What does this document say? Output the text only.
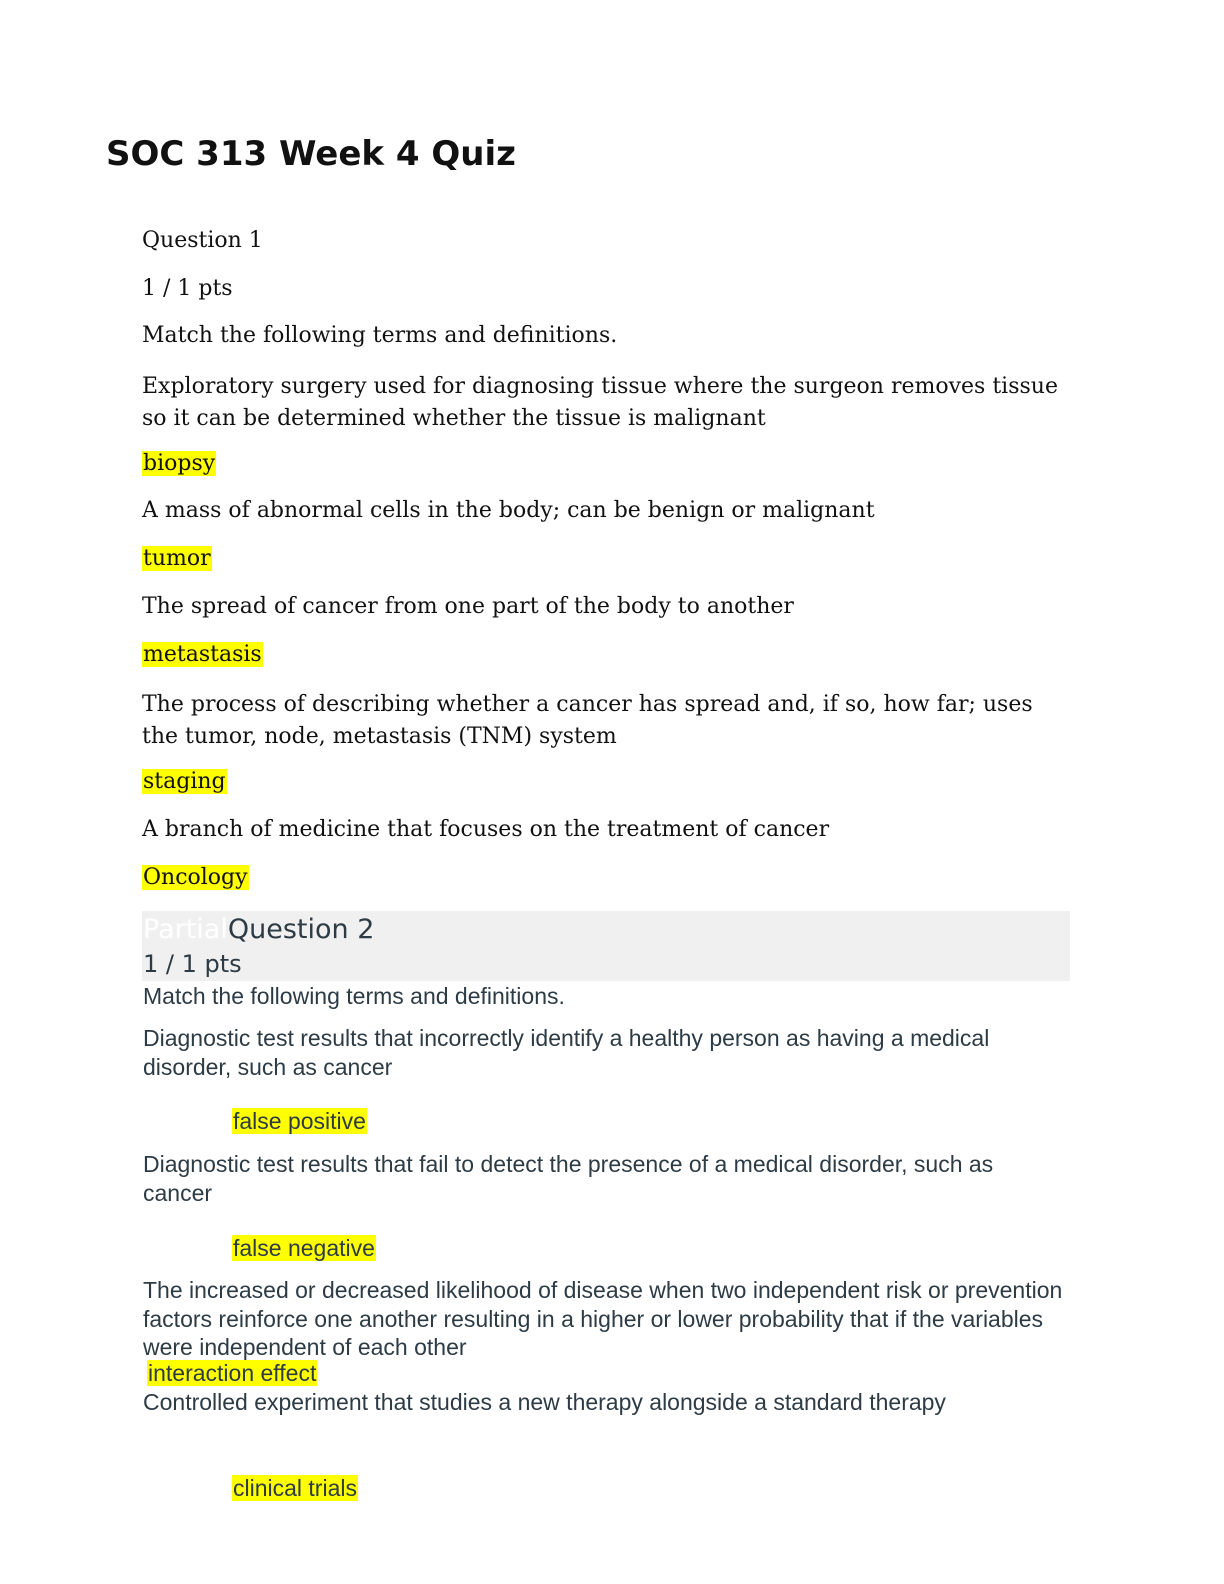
SOC 313 Week 4 Quiz
Question 1
1 / 1 pts
Match the following terms and definitions.
Exploratory surgery used for diagnosing tissue where the surgeon removes tissue so it can be determined whether the tissue is malignant
biopsy
A mass of abnormal cells in the body; can be benign or malignant
tumor
The spread of cancer from one part of the body to another
metastasis
The process of describing whether a cancer has spread and, if so, how far; uses the tumor, node, metastasis (TNM) system
staging
A branch of medicine that focuses on the treatment of cancer
Oncology
PartialQuestion 2
1 / 1 pts
Match the following terms and definitions.
Diagnostic test results that incorrectly identify a healthy person as having a medical disorder, such as cancer
false positive
Diagnostic test results that fail to detect the presence of a medical disorder, such as cancer
false negative
The increased or decreased likelihood of disease when two independent risk or prevention factors reinforce one another resulting in a higher or lower probability that if the variables were independent of each other
interaction effect
Controlled experiment that studies a new therapy alongside a standard therapy
clinical trials
